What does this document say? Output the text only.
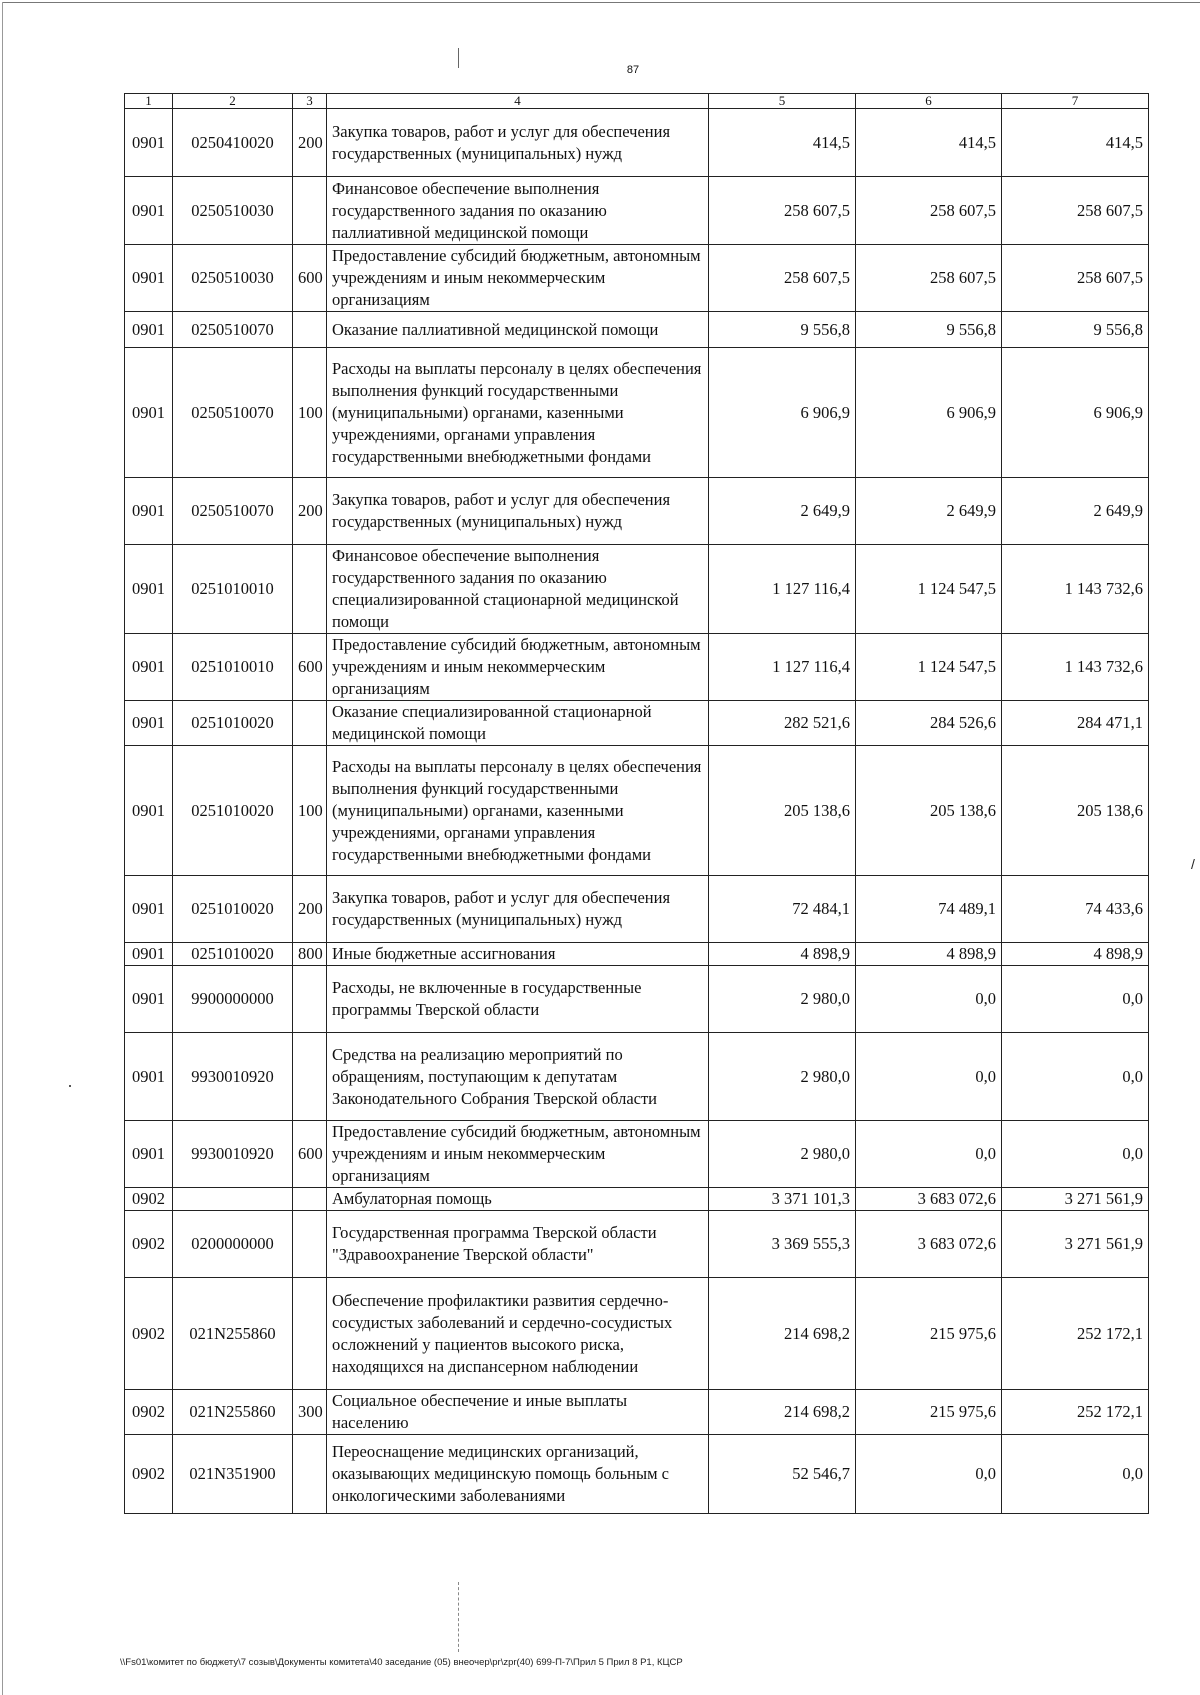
87
1	2	3	4	5	6	7
0901	0250410020	200	Закупка товаров, работ и услуг для обеспечения государственных (муниципальных) нужд	414,5	414,5	414,5
0901	0250510030		Финансовое обеспечение выполнения государственного задания по оказанию паллиативной медицинской помощи	258 607,5	258 607,5	258 607,5
0901	0250510030	600	Предоставление субсидий бюджетным, автономным учреждениям и иным некоммерческим организациям	258 607,5	258 607,5	258 607,5
0901	0250510070		Оказание паллиативной медицинской помощи	9 556,8	9 556,8	9 556,8
0901	0250510070	100	Расходы на выплаты персоналу в целях обеспечения выполнения функций государственными (муниципальными) органами, казенными учреждениями, органами управления государственными внебюджетными фондами	6 906,9	6 906,9	6 906,9
0901	0250510070	200	Закупка товаров, работ и услуг для обеспечения государственных (муниципальных) нужд	2 649,9	2 649,9	2 649,9
0901	0251010010		Финансовое обеспечение выполнения государственного задания по оказанию специализированной стационарной медицинской помощи	1 127 116,4	1 124 547,5	1 143 732,6
0901	0251010010	600	Предоставление субсидий бюджетным, автономным учреждениям и иным некоммерческим организациям	1 127 116,4	1 124 547,5	1 143 732,6
0901	0251010020		Оказание специализированной стационарной медицинской помощи	282 521,6	284 526,6	284 471,1
0901	0251010020	100	Расходы на выплаты персоналу в целях обеспечения выполнения функций государственными (муниципальными) органами, казенными учреждениями, органами управления государственными внебюджетными фондами	205 138,6	205 138,6	205 138,6
0901	0251010020	200	Закупка товаров, работ и услуг для обеспечения государственных (муниципальных) нужд	72 484,1	74 489,1	74 433,6
0901	0251010020	800	Иные бюджетные ассигнования	4 898,9	4 898,9	4 898,9
0901	9900000000		Расходы, не включенные в государственные программы Тверской области	2 980,0	0,0	0,0
0901	9930010920		Средства на реализацию мероприятий по обращениям, поступающим к депутатам Законодательного Собрания Тверской области	2 980,0	0,0	0,0
0901	9930010920	600	Предоставление субсидий бюджетным, автономным учреждениям и иным некоммерческим организациям	2 980,0	0,0	0,0
0902			Амбулаторная помощь	3 371 101,3	3 683 072,6	3 271 561,9
0902	0200000000		Государственная программа Тверской области "Здравоохранение Тверской области"	3 369 555,3	3 683 072,6	3 271 561,9
0902	021N255860		Обеспечение профилактики развития сердечно-сосудистых заболеваний и сердечно-сосудистых осложнений у пациентов высокого риска, находящихся на диспансерном наблюдении	214 698,2	215 975,6	252 172,1
0902	021N255860	300	Социальное обеспечение и иные выплаты населению	214 698,2	215 975,6	252 172,1
0902	021N351900		Переоснащение медицинских организаций, оказывающих медицинскую помощь больным с онкологическими заболеваниями	52 546,7	0,0	0,0
/
\\Fs01\комитет по бюджету\7 созыв\Документы комитета\40 заседание (05) внеочер\pr\zpr(40) 699-П-7\Прил 5 Прил 8 Р1, КЦСР
